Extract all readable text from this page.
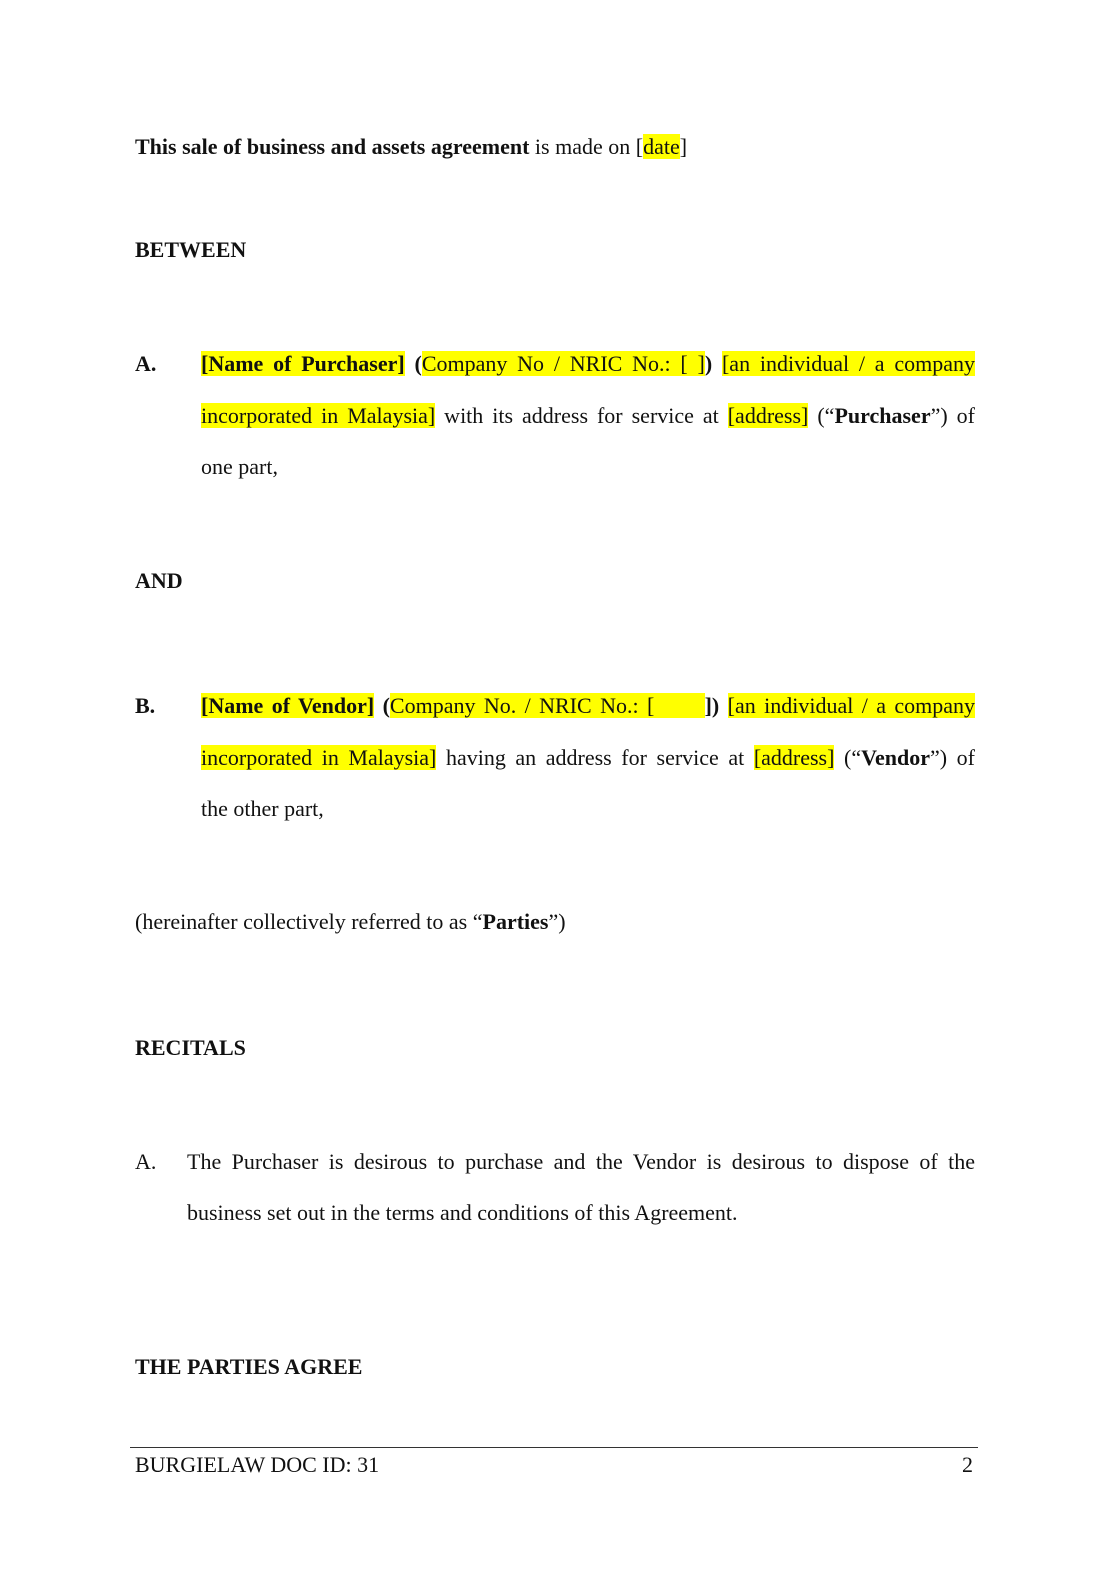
This sale of business and assets agreement is made on [date]
BETWEEN
A. [Name of Purchaser] (Company No / NRIC No.: [ ]) [an individual / a company
incorporated in Malaysia] with its address for service at [address] (“Purchaser”) of
one part,
AND
B. [Name of Vendor] (Company No. / NRIC No.: [      ]) [an individual / a company
incorporated in Malaysia] having an address for service at [address] (“Vendor”) of
the other part,
(hereinafter collectively referred to as “Parties”)
RECITALS
A. The Purchaser is desirous to purchase and the Vendor is desirous to dispose of the
business set out in the terms and conditions of this Agreement.
THE PARTIES AGREE
BURGIELAW DOC ID: 31	2
